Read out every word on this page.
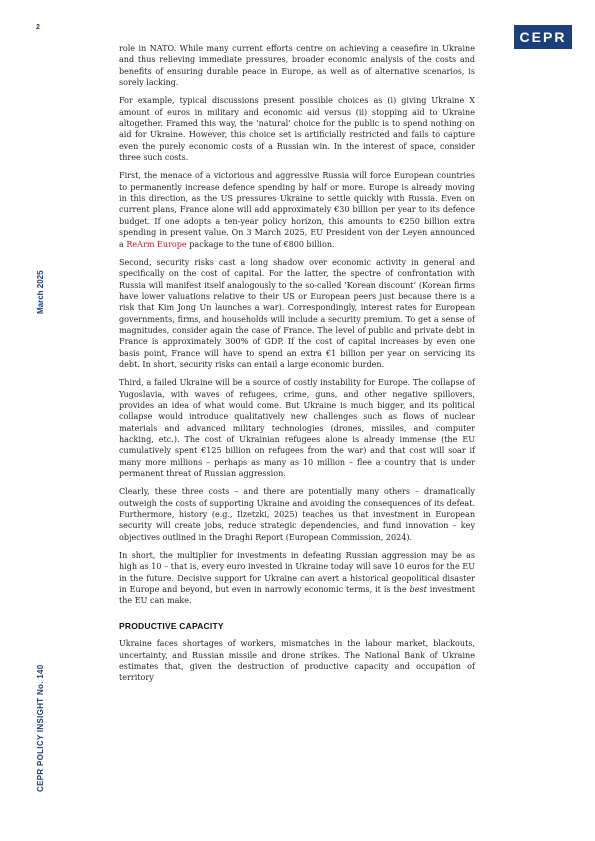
2
CEPR
March 2025
CEPR POLICY INSIGHT No. 140

role in NATO. While many current efforts centre on achieving a ceasefire in Ukraine and thus relieving immediate pressures, broader economic analysis of the costs and benefits of ensuring durable peace in Europe, as well as of alternative scenarios, is sorely lacking.

For example, typical discussions present possible choices as (i) giving Ukraine X amount of euros in military and economic aid versus (ii) stopping aid to Ukraine altogether. Framed this way, the ‘natural’ choice for the public is to spend nothing on aid for Ukraine. However, this choice set is artificially restricted and fails to capture even the purely economic costs of a Russian win. In the interest of space, consider three such costs.

First, the menace of a victorious and aggressive Russia will force European countries to permanently increase defence spending by half or more. Europe is already moving in this direction, as the US pressures Ukraine to settle quickly with Russia. Even on current plans, France alone will add approximately €30 billion per year to its defence budget. If one adopts a ten-year policy horizon, this amounts to €250 billion extra spending in present value. On 3 March 2025, EU President von der Leyen announced a ReArm Europe package to the tune of €800 billion.

Second, security risks cast a long shadow over economic activity in general and specifically on the cost of capital. For the latter, the spectre of confrontation with Russia will manifest itself analogously to the so-called ‘Korean discount’ (Korean firms have lower valuations relative to their US or European peers just because there is a risk that Kim Jong Un launches a war). Correspondingly, interest rates for European governments, firms, and households will include a security premium. To get a sense of magnitudes, consider again the case of France. The level of public and private debt in France is approximately 300% of GDP. If the cost of capital increases by even one basis point, France will have to spend an extra €1 billion per year on servicing its debt. In short, security risks can entail a large economic burden.

Third, a failed Ukraine will be a source of costly instability for Europe. The collapse of Yugoslavia, with waves of refugees, crime, guns, and other negative spillovers, provides an idea of what would come. But Ukraine is much bigger, and its political collapse would introduce qualitatively new challenges such as flows of nuclear materials and advanced military technologies (drones, missiles, and computer hacking, etc.). The cost of Ukrainian refugees alone is already immense (the EU cumulatively spent €125 billion on refugees from the war) and that cost will soar if many more millions – perhaps as many as 10 million – flee a country that is under permanent threat of Russian aggression.

Clearly, these three costs – and there are potentially many others – dramatically outweigh the costs of supporting Ukraine and avoiding the consequences of its defeat. Furthermore, history (e.g., Ilzetzki, 2025) teaches us that investment in European security will create jobs, reduce strategic dependencies, and fund innovation – key objectives outlined in the Draghi Report (European Commission, 2024).

In short, the multiplier for investments in defeating Russian aggression may be as high as 10 – that is, every euro invested in Ukraine today will save 10 euros for the EU in the future. Decisive support for Ukraine can avert a historical geopolitical disaster in Europe and beyond, but even in narrowly economic terms, it is the best investment the EU can make.

PRODUCTIVE CAPACITY

Ukraine faces shortages of workers, mismatches in the labour market, blackouts, uncertainty, and Russian missile and drone strikes. The National Bank of Ukraine estimates that, given the destruction of productive capacity and occupation of territory
